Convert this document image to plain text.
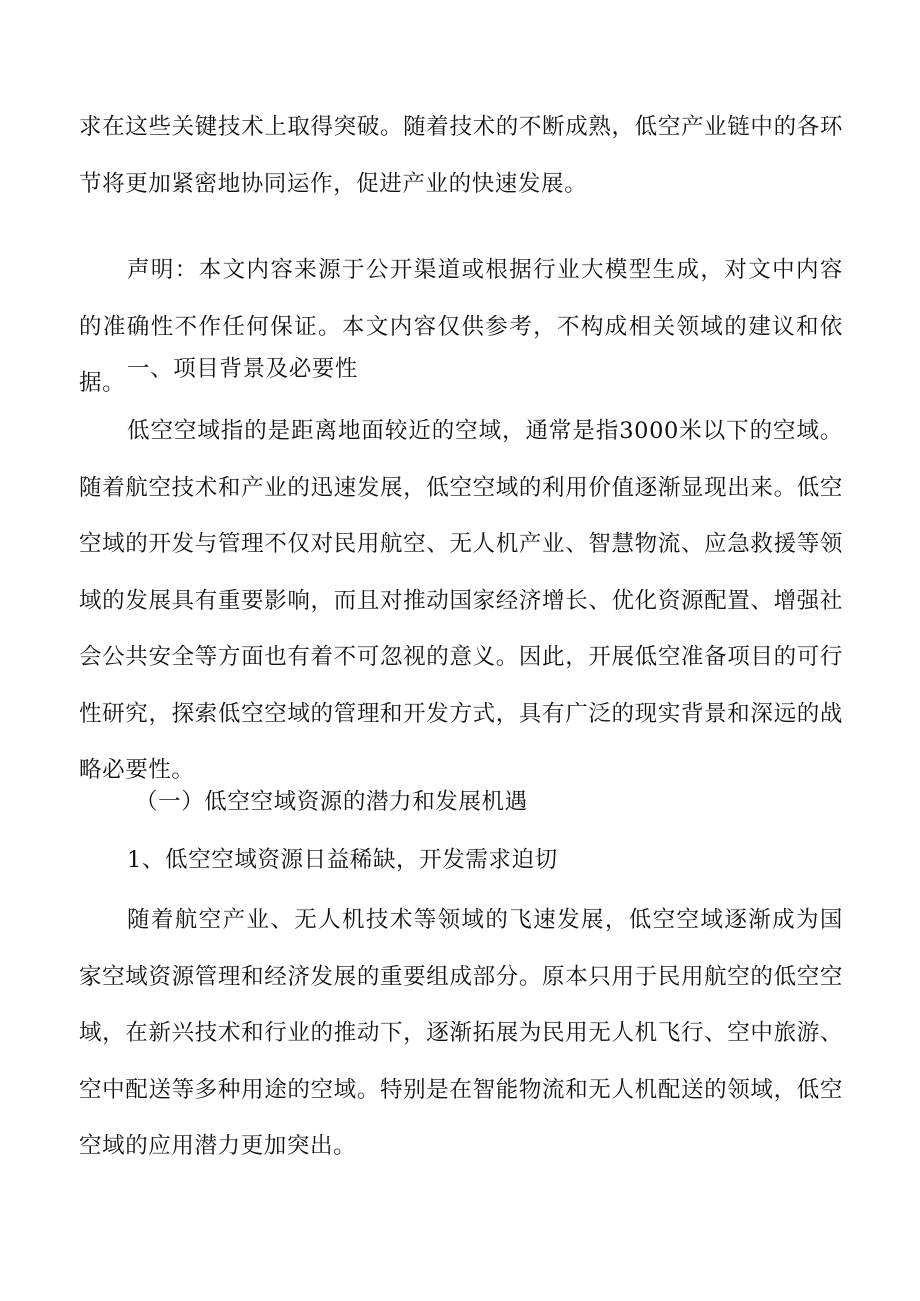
求在这些关键技术上取得突破。随着技术的不断成熟，低空产业链中的各环节将更加紧密地协同运作，促进产业的快速发展。

声明：本文内容来源于公开渠道或根据行业大模型生成，对文中内容的准确性不作任何保证。本文内容仅供参考，不构成相关领域的建议和依据。

一、项目背景及必要性

低空空域指的是距离地面较近的空域，通常是指3000米以下的空域。随着航空技术和产业的迅速发展，低空空域的利用价值逐渐显现出来。低空空域的开发与管理不仅对民用航空、无人机产业、智慧物流、应急救援等领域的发展具有重要影响，而且对推动国家经济增长、优化资源配置、增强社会公共安全等方面也有着不可忽视的意义。因此，开展低空准备项目的可行性研究，探索低空空域的管理和开发方式，具有广泛的现实背景和深远的战略必要性。

（一）低空空域资源的潜力和发展机遇

1、低空空域资源日益稀缺，开发需求迫切

随着航空产业、无人机技术等领域的飞速发展，低空空域逐渐成为国家空域资源管理和经济发展的重要组成部分。原本只用于民用航空的低空空域，在新兴技术和行业的推动下，逐渐拓展为民用无人机飞行、空中旅游、空中配送等多种用途的空域。特别是在智能物流和无人机配送的领域，低空空域的应用潜力更加突出。
